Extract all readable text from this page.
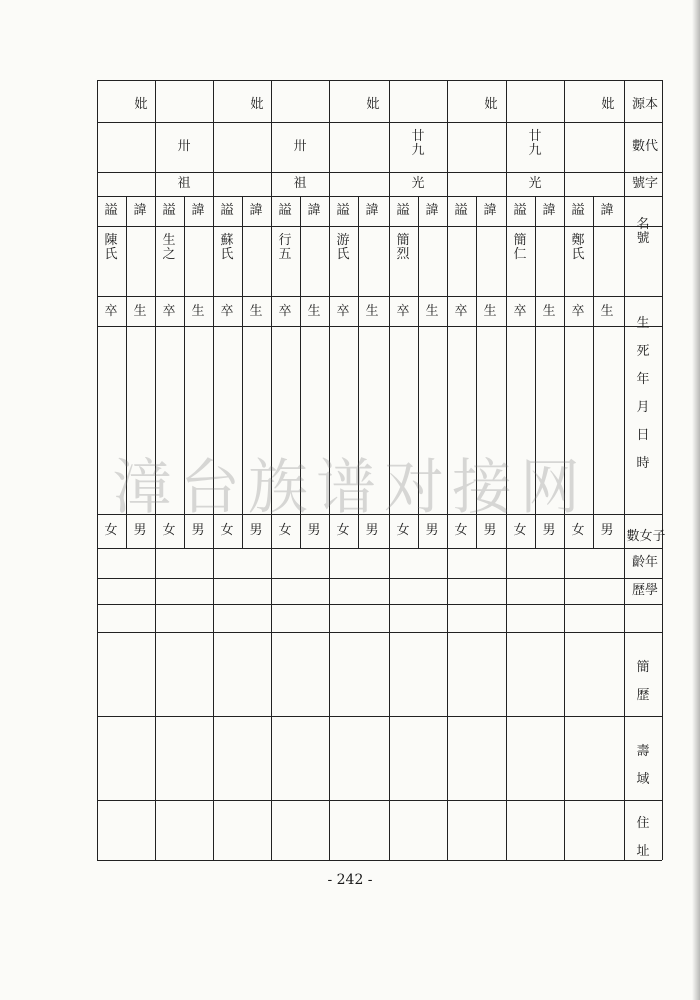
妣
謚 諱
陳
氏
卒 生
女 男
卅
祖
謚 諱
生
之
卒 生
女 男
妣
謚 諱
蘇
氏
卒 生
女 男
卅
祖
謚 諱
行
五
卒 生
女 男
妣
謚 諱
游
氏
卒 生
女 男
廿
九
光
謚 諱
簡
烈
卒 生
女 男
妣
謚 諱
卒 生
女 男
廿
九
光
謚 諱
簡
仁
卒 生
女 男
妣
謚 諱
鄭
氏
卒 生
女 男
源本
數代
號字
名
號
生
死
年
月
日
時
數女子
齡年
歷學
簡
歷
壽
域
住
址
漳台族谱对接网
- 242 -
